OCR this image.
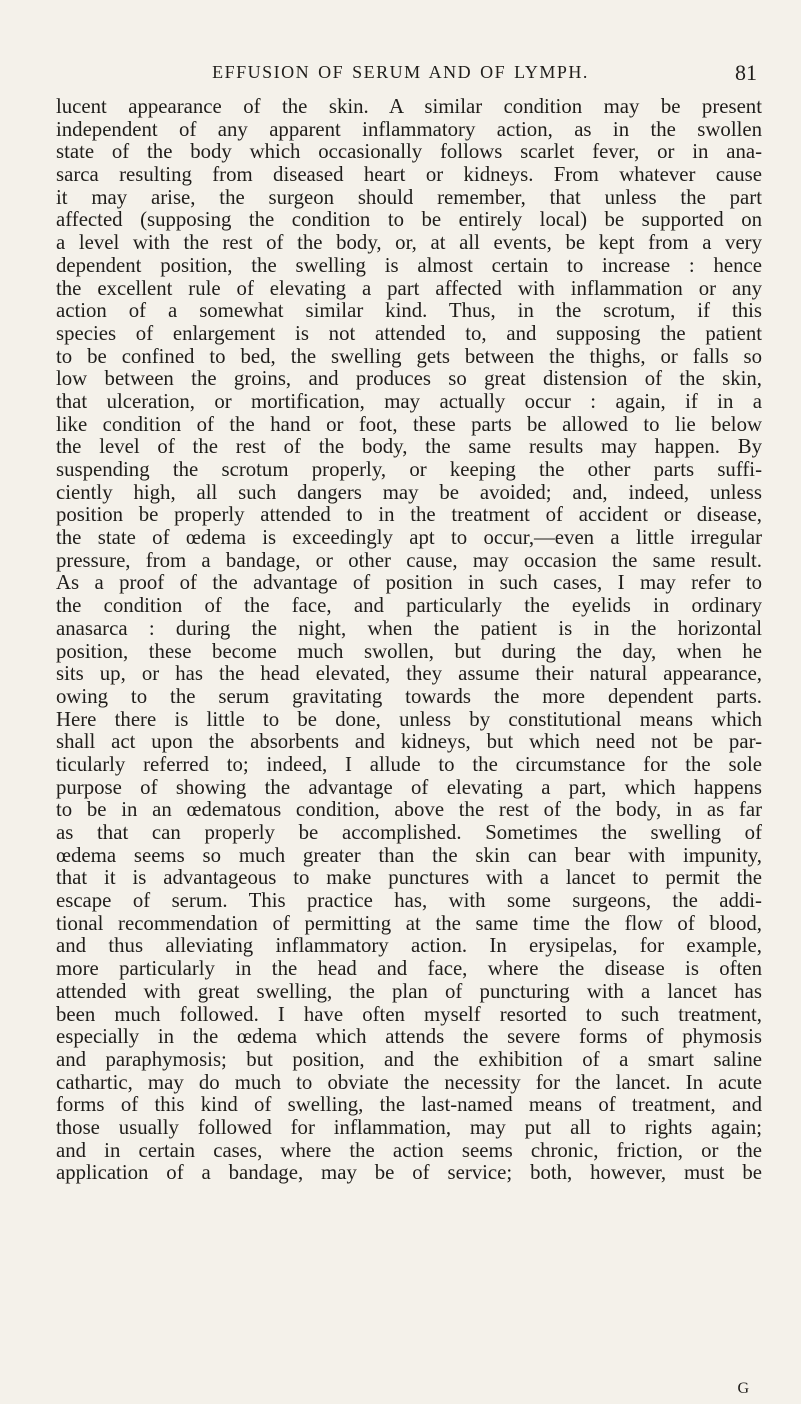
EFFUSION OF SERUM AND OF LYMPH.	81
lucent appearance of the skin. A similar condition may be present
independent of any apparent inflammatory action, as in the swollen
state of the body which occasionally follows scarlet fever, or in ana-
sarca resulting from diseased heart or kidneys. From whatever cause
it may arise, the surgeon should remember, that unless the part
affected (supposing the condition to be entirely local) be supported on
a level with the rest of the body, or, at all events, be kept from a very
dependent position, the swelling is almost certain to increase : hence
the excellent rule of elevating a part affected with inflammation or any
action of a somewhat similar kind. Thus, in the scrotum, if this
species of enlargement is not attended to, and supposing the patient
to be confined to bed, the swelling gets between the thighs, or falls so
low between the groins, and produces so great distension of the skin,
that ulceration, or mortification, may actually occur : again, if in a
like condition of the hand or foot, these parts be allowed to lie below
the level of the rest of the body, the same results may happen. By
suspending the scrotum properly, or keeping the other parts suffi-
ciently high, all such dangers may be avoided; and, indeed, unless
position be properly attended to in the treatment of accident or disease,
the state of œdema is exceedingly apt to occur,—even a little irregular
pressure, from a bandage, or other cause, may occasion the same result.
As a proof of the advantage of position in such cases, I may refer to
the condition of the face, and particularly the eyelids in ordinary
anasarca : during the night, when the patient is in the horizontal
position, these become much swollen, but during the day, when he
sits up, or has the head elevated, they assume their natural appearance,
owing to the serum gravitating towards the more dependent parts.
Here there is little to be done, unless by constitutional means which
shall act upon the absorbents and kidneys, but which need not be par-
ticularly referred to; indeed, I allude to the circumstance for the sole
purpose of showing the advantage of elevating a part, which happens
to be in an œdematous condition, above the rest of the body, in as far
as that can properly be accomplished. Sometimes the swelling of
œdema seems so much greater than the skin can bear with impunity,
that it is advantageous to make punctures with a lancet to permit the
escape of serum. This practice has, with some surgeons, the addi-
tional recommendation of permitting at the same time the flow of blood,
and thus alleviating inflammatory action. In erysipelas, for example,
more particularly in the head and face, where the disease is often
attended with great swelling, the plan of puncturing with a lancet has
been much followed. I have often myself resorted to such treatment,
especially in the œdema which attends the severe forms of phymosis
and paraphymosis; but position, and the exhibition of a smart saline
cathartic, may do much to obviate the necessity for the lancet. In acute
forms of this kind of swelling, the last-named means of treatment, and
those usually followed for inflammation, may put all to rights again;
and in certain cases, where the action seems chronic, friction, or the
application of a bandage, may be of service; both, however, must be
G
